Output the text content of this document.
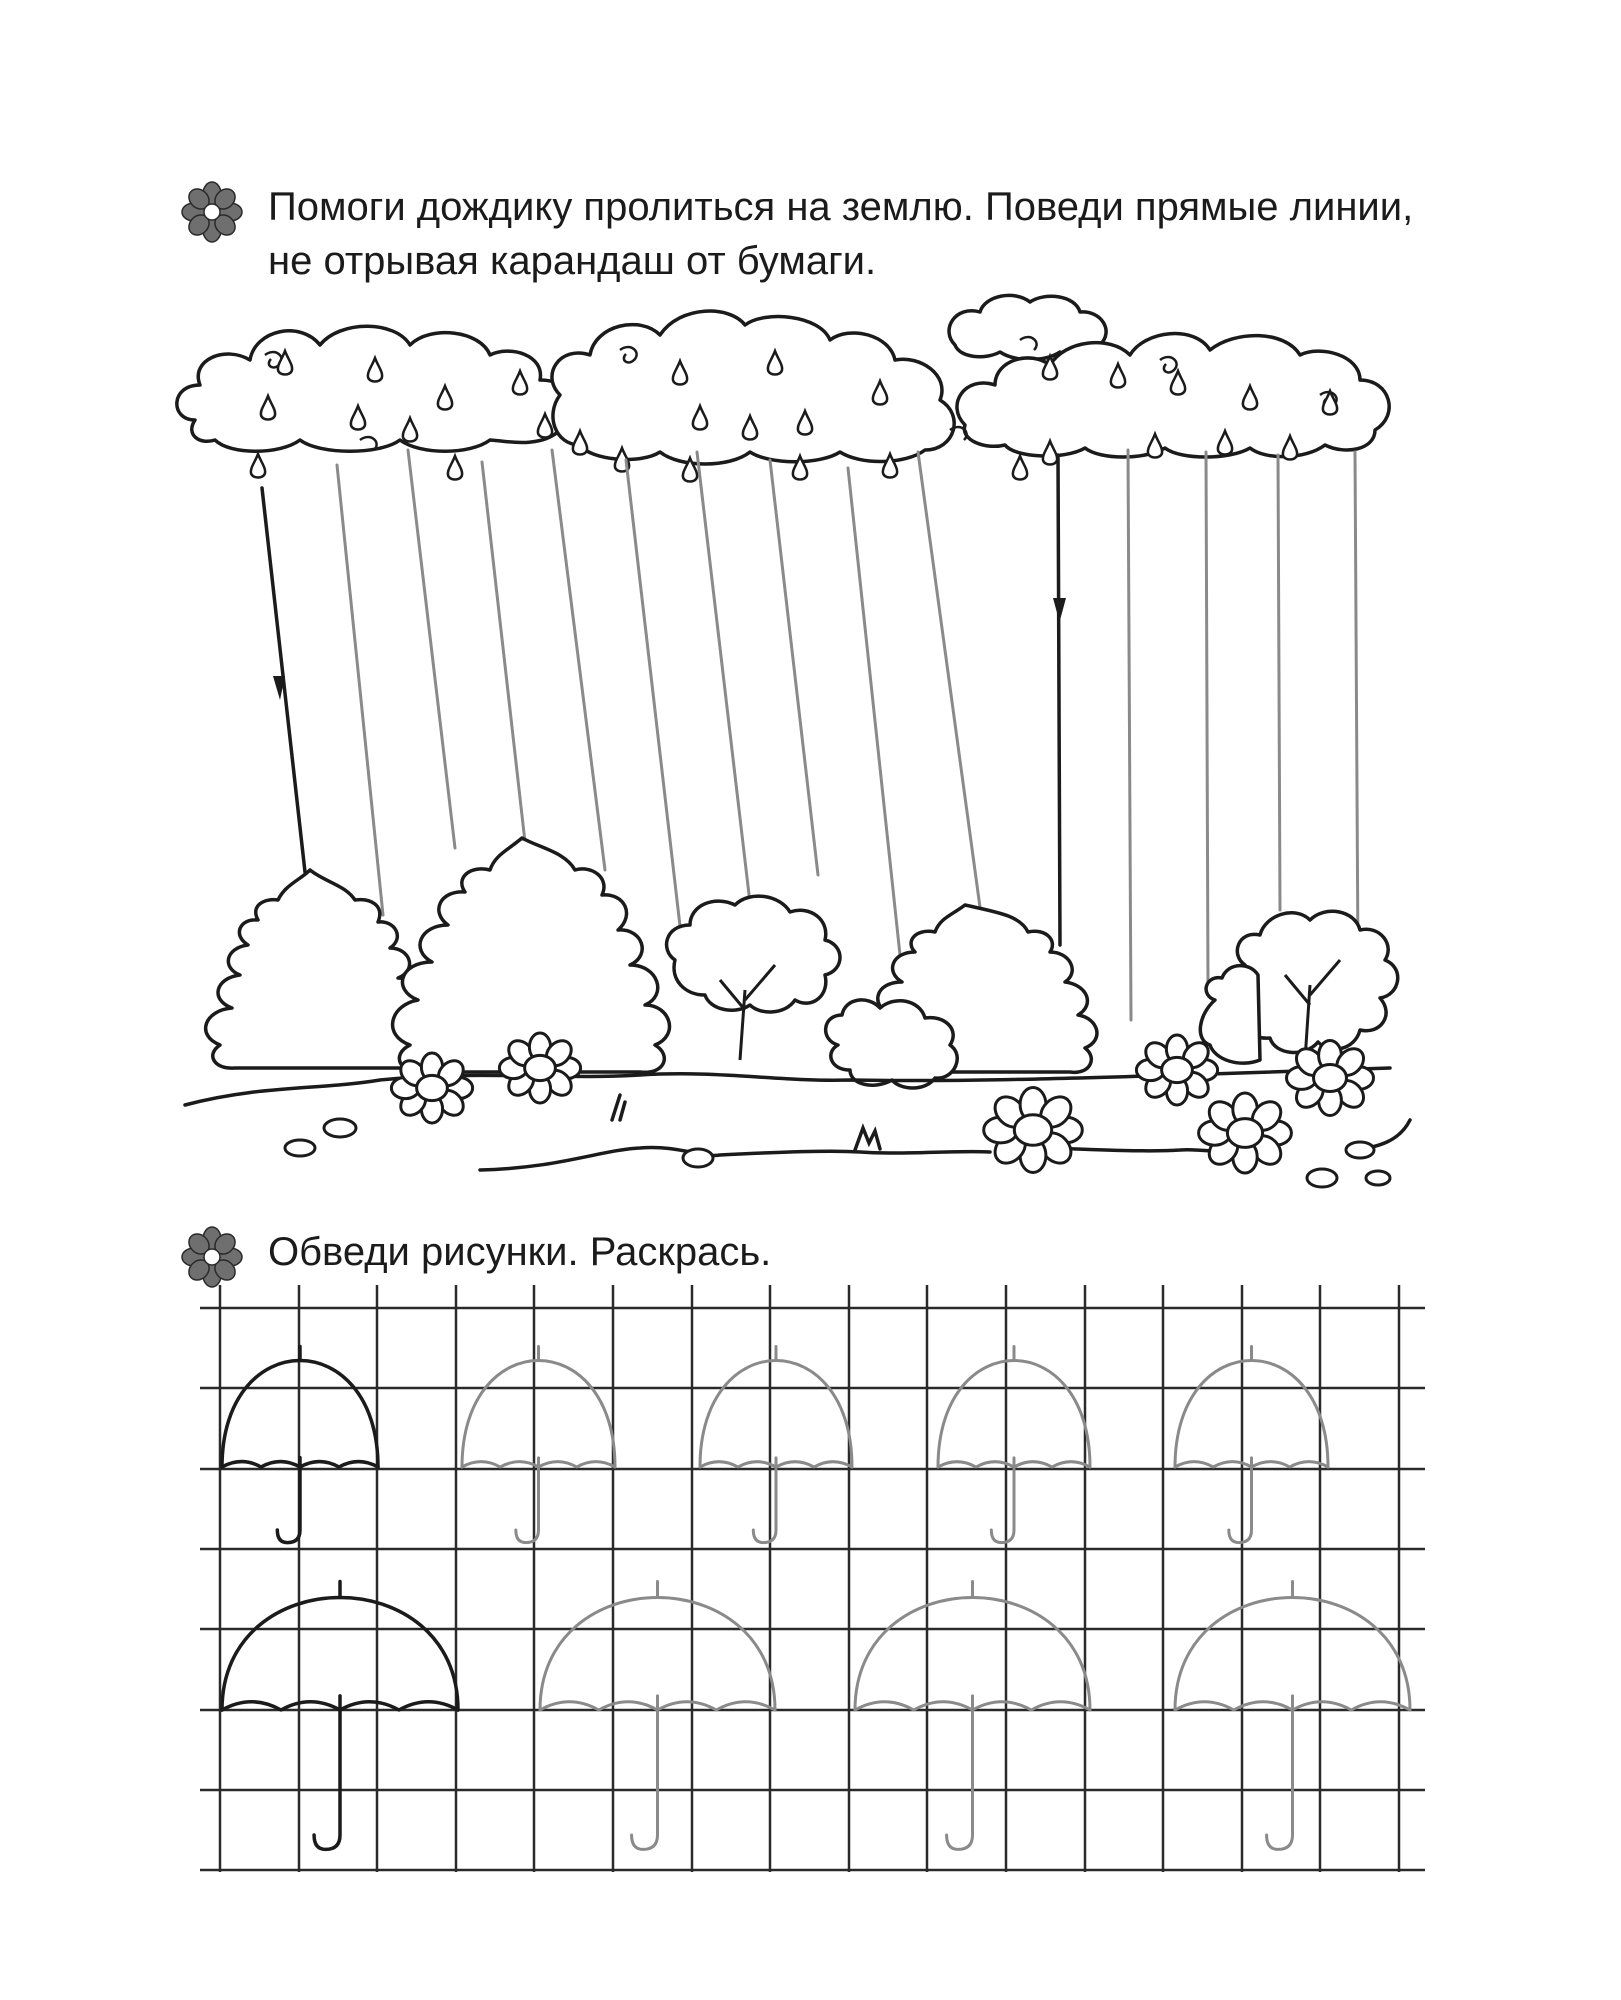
Помоги дождику пролиться на землю. Поведи прямые линии,
не отрывая карандаш от бумаги.
Обведи рисунки. Раскрась.
